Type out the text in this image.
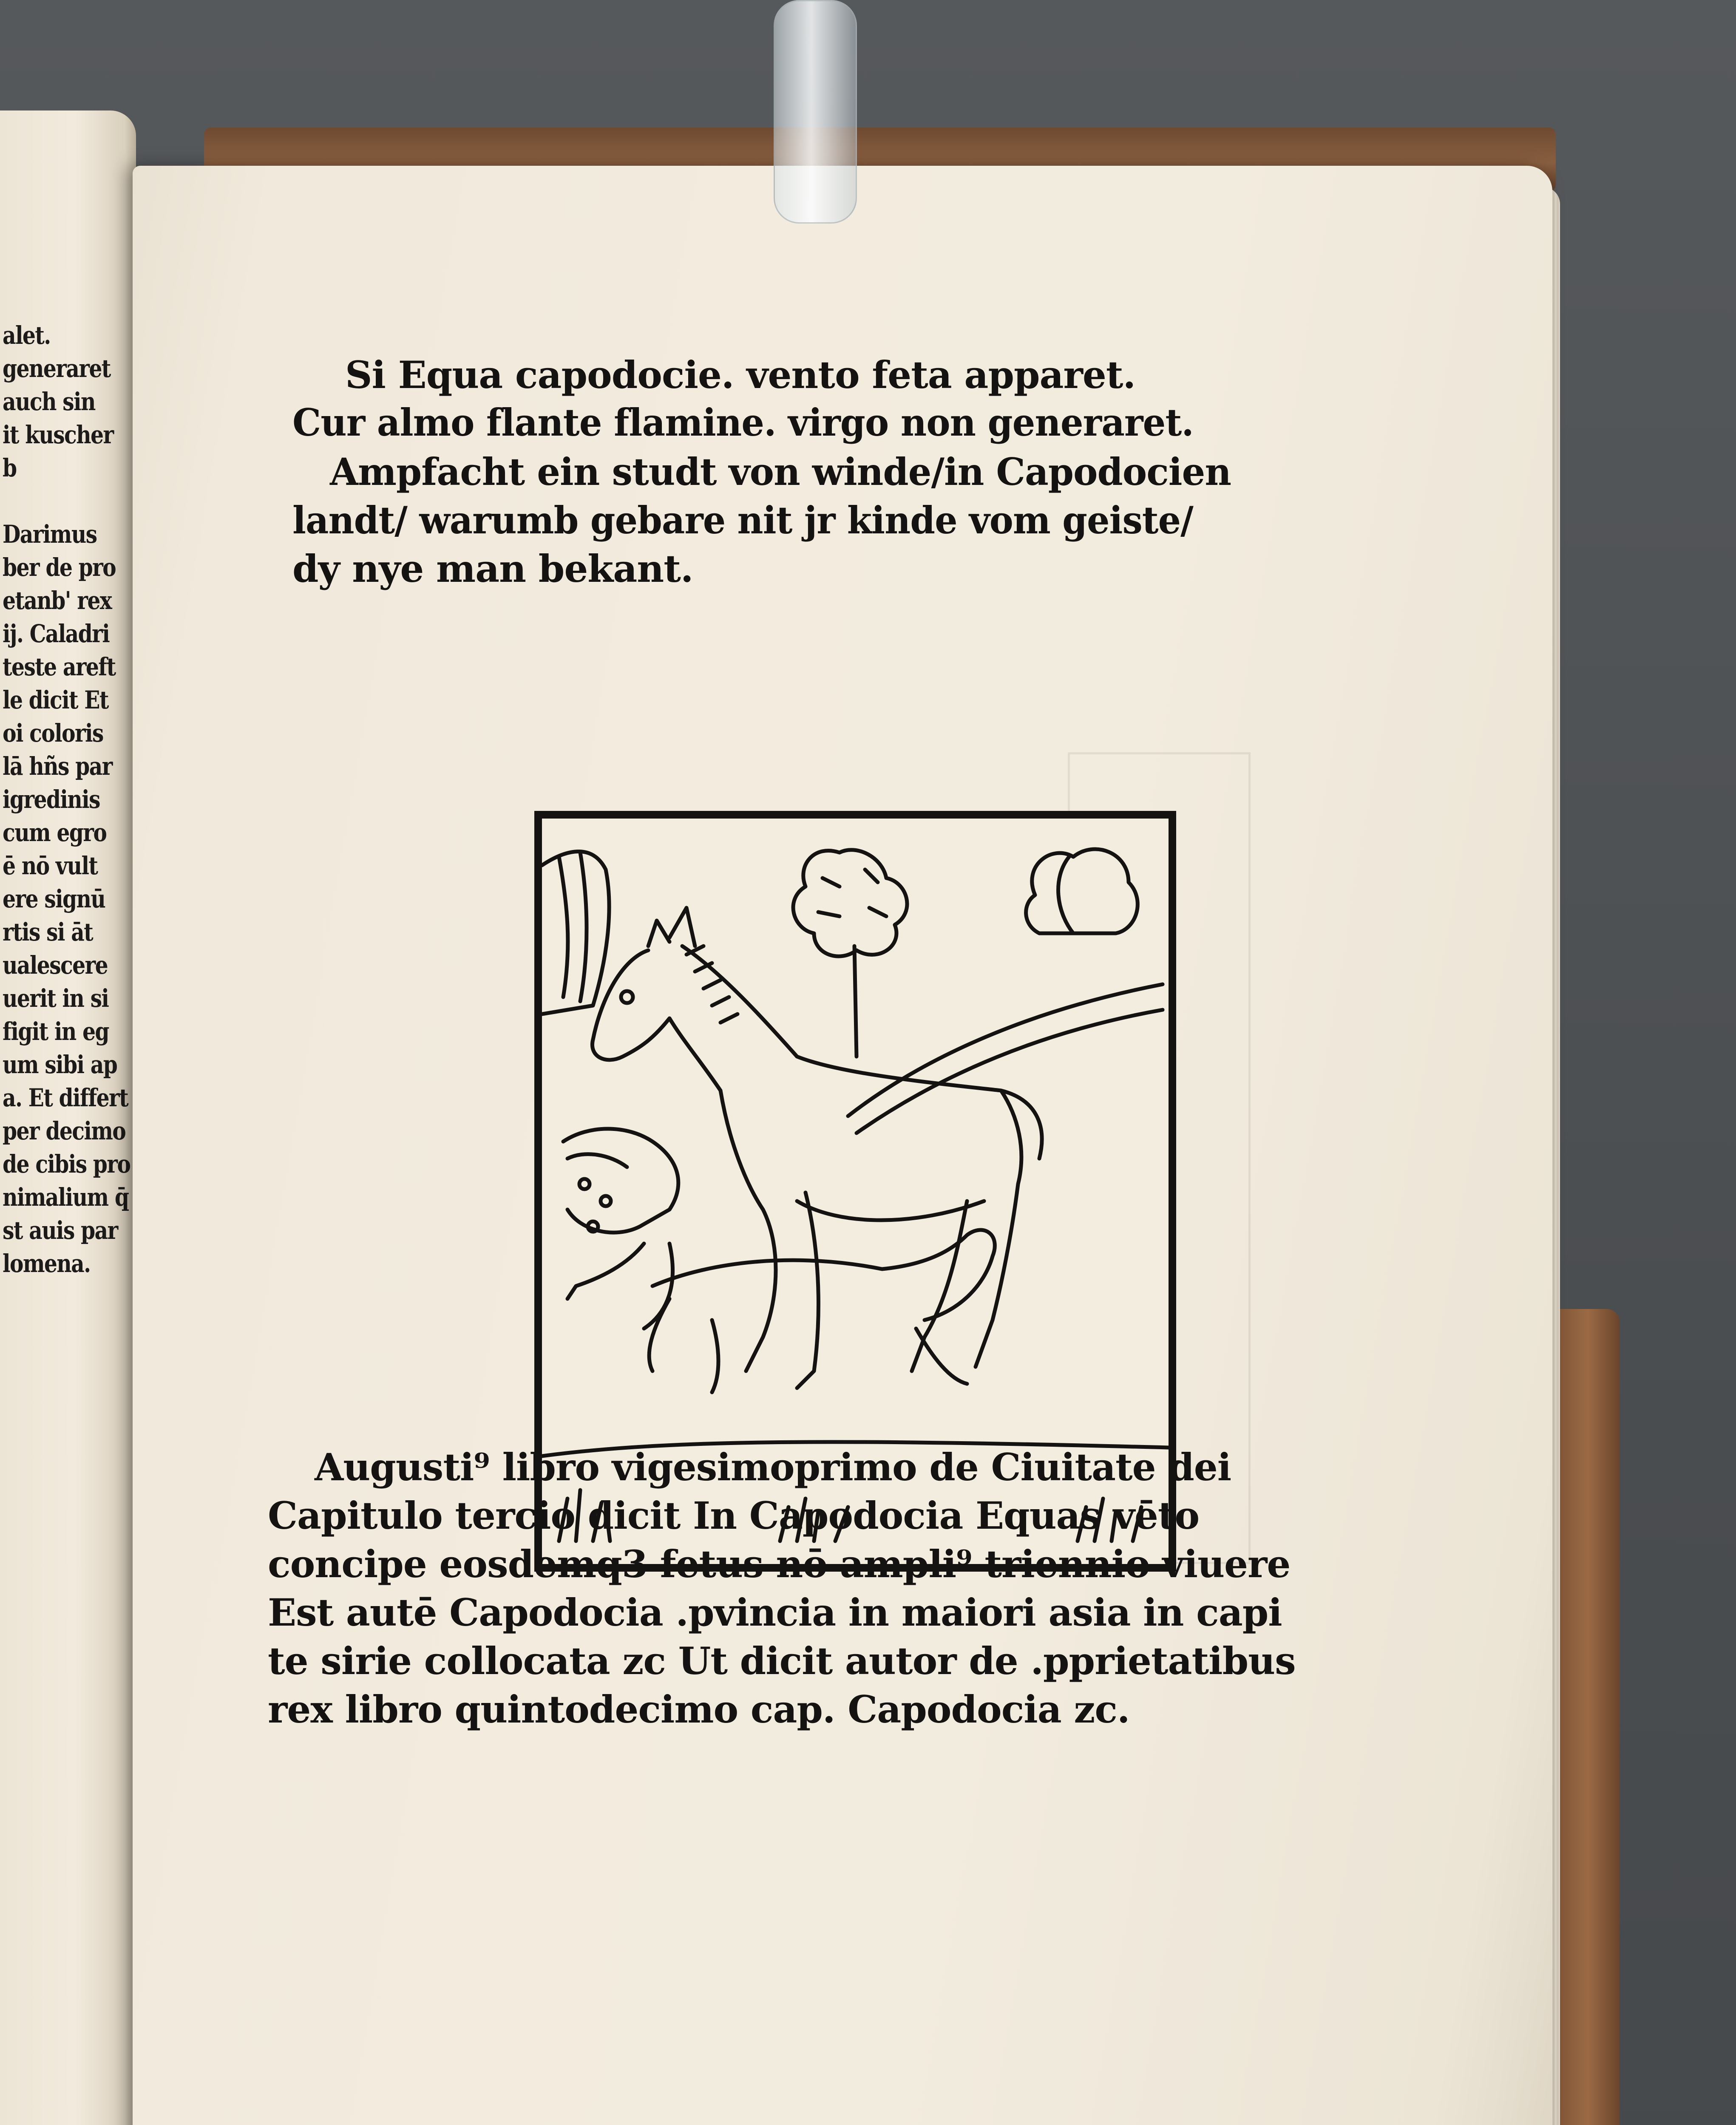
alet.
generaret
auch sin
it kuscher
b
Darimus
ber de pro
etanb' rex
ij. Caladri
teste areft
le dicit Et
oi coloris
lā hñs par
igredinis
cum egro
ē nō vult
ere signū
rtis si āt
ualescere
uerit in si
figit in eg
um sibi ap
a. Et differt
per decimo
de cibis pro
nimalium q̄
st auis par
lomena.
Si Equa capodocie. vento feta apparet.
Cur almo flante flamine. virgo non generaret.
Ampfacht ein studt von winde/in Capodocien
landt/ warumb gebare nit jr kinde vom geiste/
dy nye man bekant.
Augusti⁹ libro vigesimoprimo de Ciuitate dei
Capitulo tercio dicit In Capodocia Equas vēto
concipe eosdemq3 fetus nō ampli⁹ triennio viuere
Est autē Capodocia .pvincia in maiori asia in capi
te sirie collocata zc Ut dicit autor de .pprietatibus
rex libro quintodecimo cap. Capodocia zc.
